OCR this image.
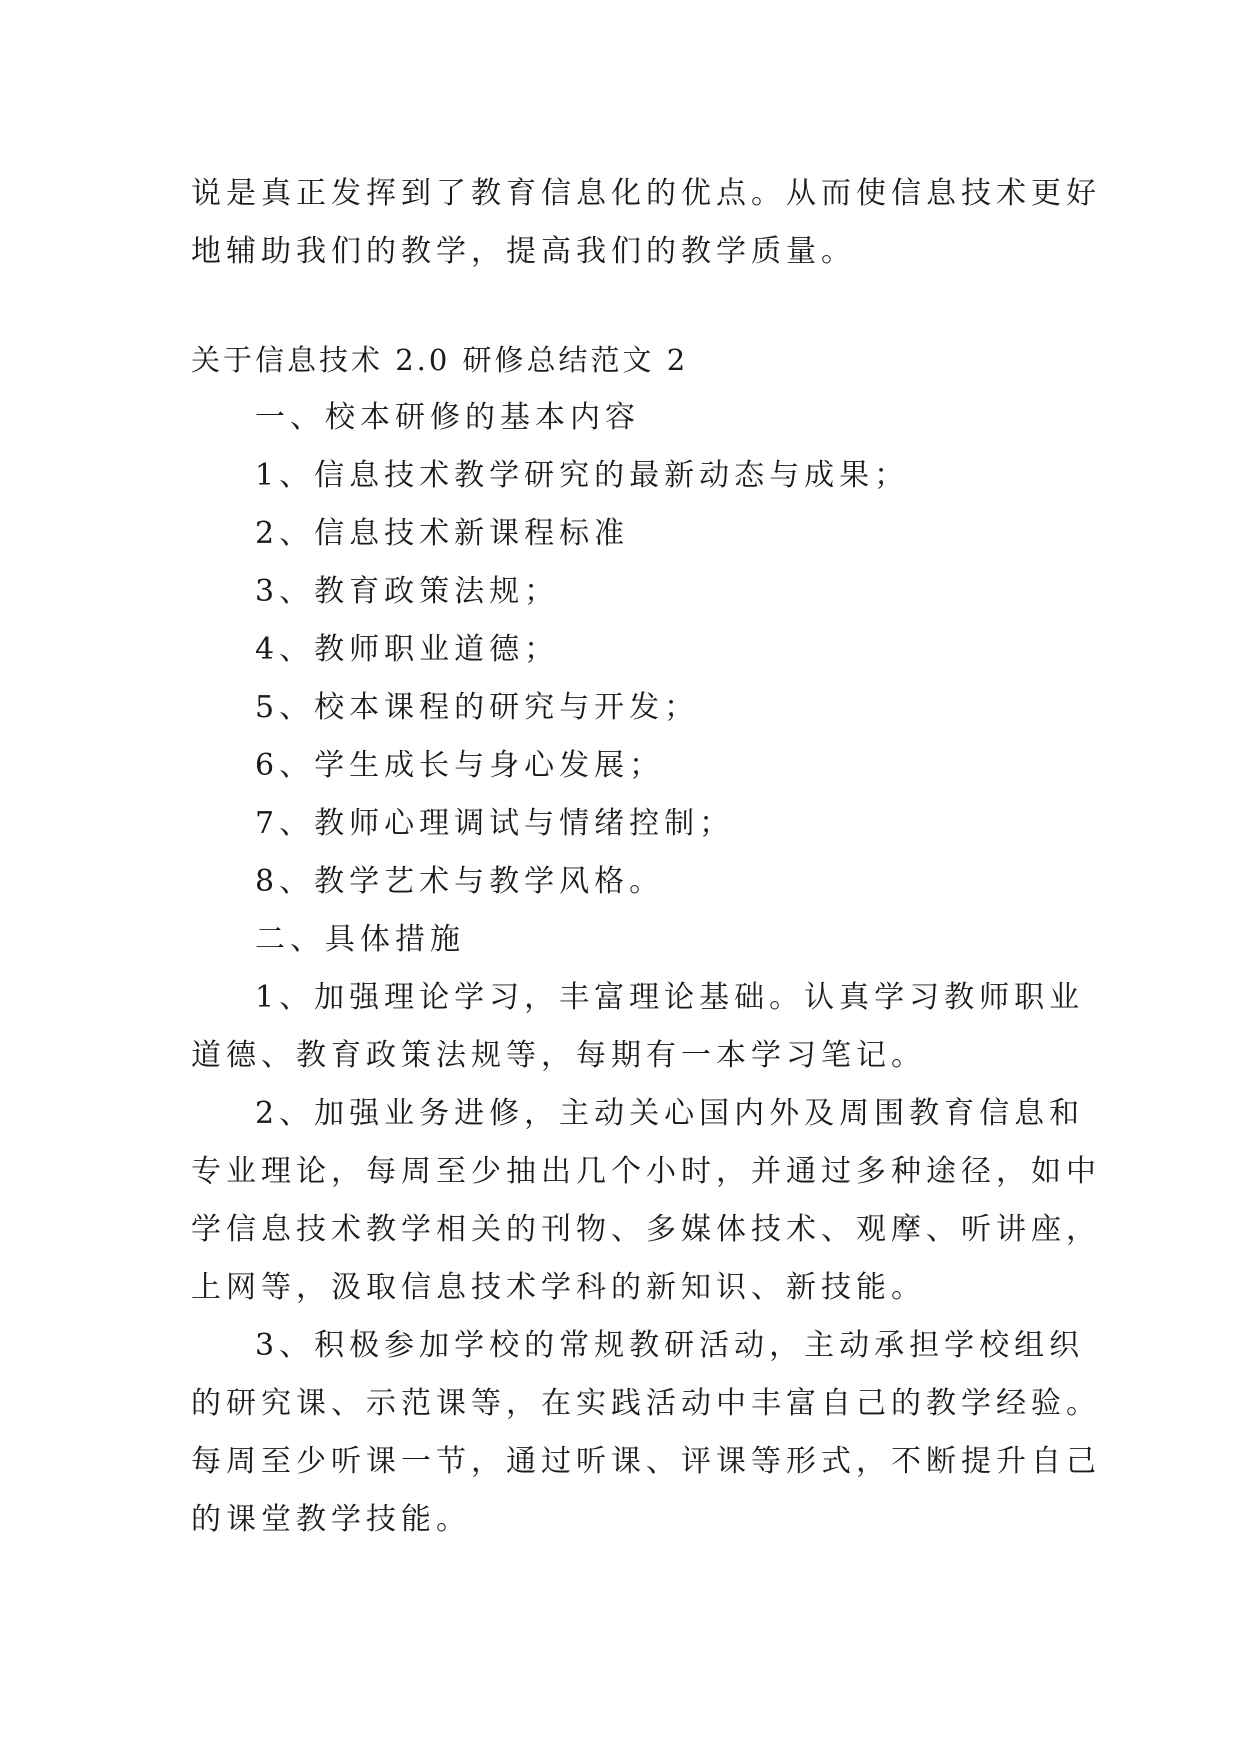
说是真正发挥到了教育信息化的优点。从而使信息技术更好

地辅助我们的教学，提高我们的教学质量。

关于信息技术 2.0 研修总结范文 2

一、校本研修的基本内容

1、信息技术教学研究的最新动态与成果；

2、信息技术新课程标准

3、教育政策法规；

4、教师职业道德；

5、校本课程的研究与开发；

6、学生成长与身心发展；

7、教师心理调试与情绪控制；

8、教学艺术与教学风格。

二、具体措施

1、加强理论学习，丰富理论基础。认真学习教师职业

道德、教育政策法规等，每期有一本学习笔记。

2、加强业务进修，主动关心国内外及周围教育信息和

专业理论，每周至少抽出几个小时，并通过多种途径，如中

学信息技术教学相关的刊物、多媒体技术、观摩、听讲座，

上网等，汲取信息技术学科的新知识、新技能。

3、积极参加学校的常规教研活动，主动承担学校组织

的研究课、示范课等，在实践活动中丰富自己的教学经验。

每周至少听课一节，通过听课、评课等形式，不断提升自己

的课堂教学技能。
